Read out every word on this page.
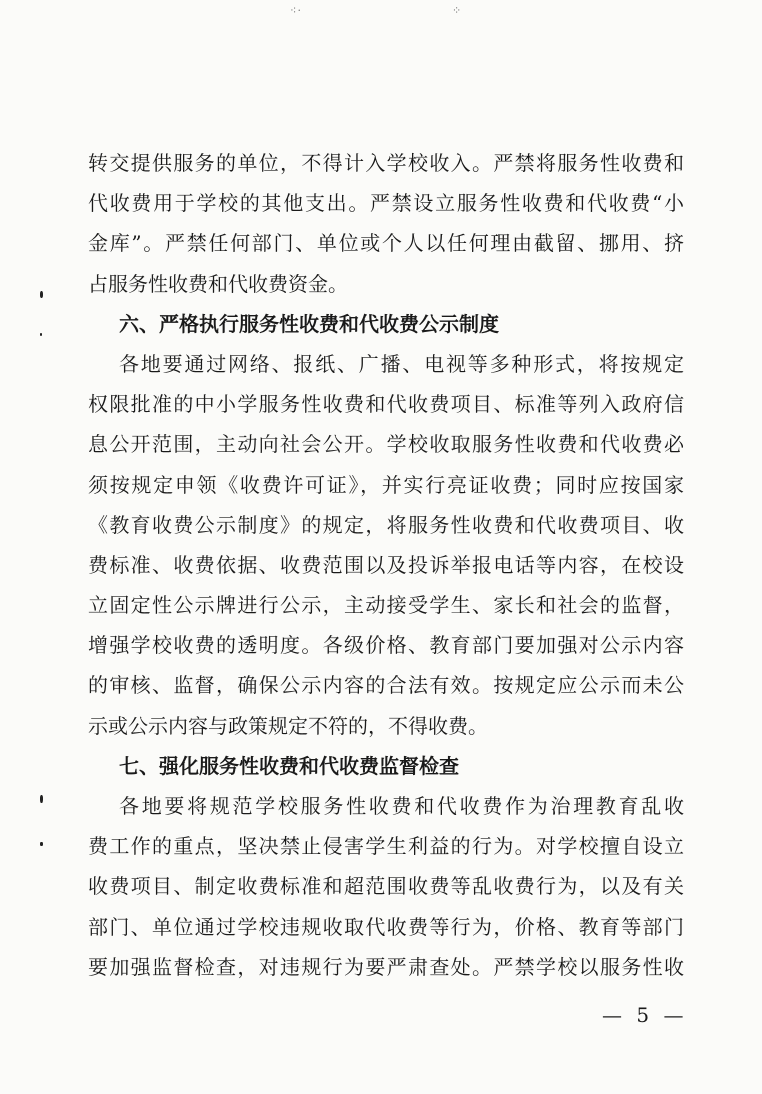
⁖·	⁘
转交提供服务的单位，不得计入学校收入。严禁将服务性收费和
代收费用于学校的其他支出。严禁设立服务性收费和代收费“小
金库”。严禁任何部门、单位或个人以任何理由截留、挪用、挤
占服务性收费和代收费资金。
六、严格执行服务性收费和代收费公示制度
各地要通过网络、报纸、广播、电视等多种形式，将按规定
权限批准的中小学服务性收费和代收费项目、标准等列入政府信
息公开范围，主动向社会公开。学校收取服务性收费和代收费必
须按规定申领《收费许可证》，并实行亮证收费；同时应按国家
《教育收费公示制度》的规定，将服务性收费和代收费项目、收
费标准、收费依据、收费范围以及投诉举报电话等内容，在校设
立固定性公示牌进行公示，主动接受学生、家长和社会的监督，
增强学校收费的透明度。各级价格、教育部门要加强对公示内容
的审核、监督，确保公示内容的合法有效。按规定应公示而未公
示或公示内容与政策规定不符的，不得收费。
七、强化服务性收费和代收费监督检查
各地要将规范学校服务性收费和代收费作为治理教育乱收
费工作的重点，坚决禁止侵害学生利益的行为。对学校擅自设立
收费项目、制定收费标准和超范围收费等乱收费行为，以及有关
部门、单位通过学校违规收取代收费等行为，价格、教育等部门
要加强监督检查，对违规行为要严肃查处。严禁学校以服务性收
— 5 —
